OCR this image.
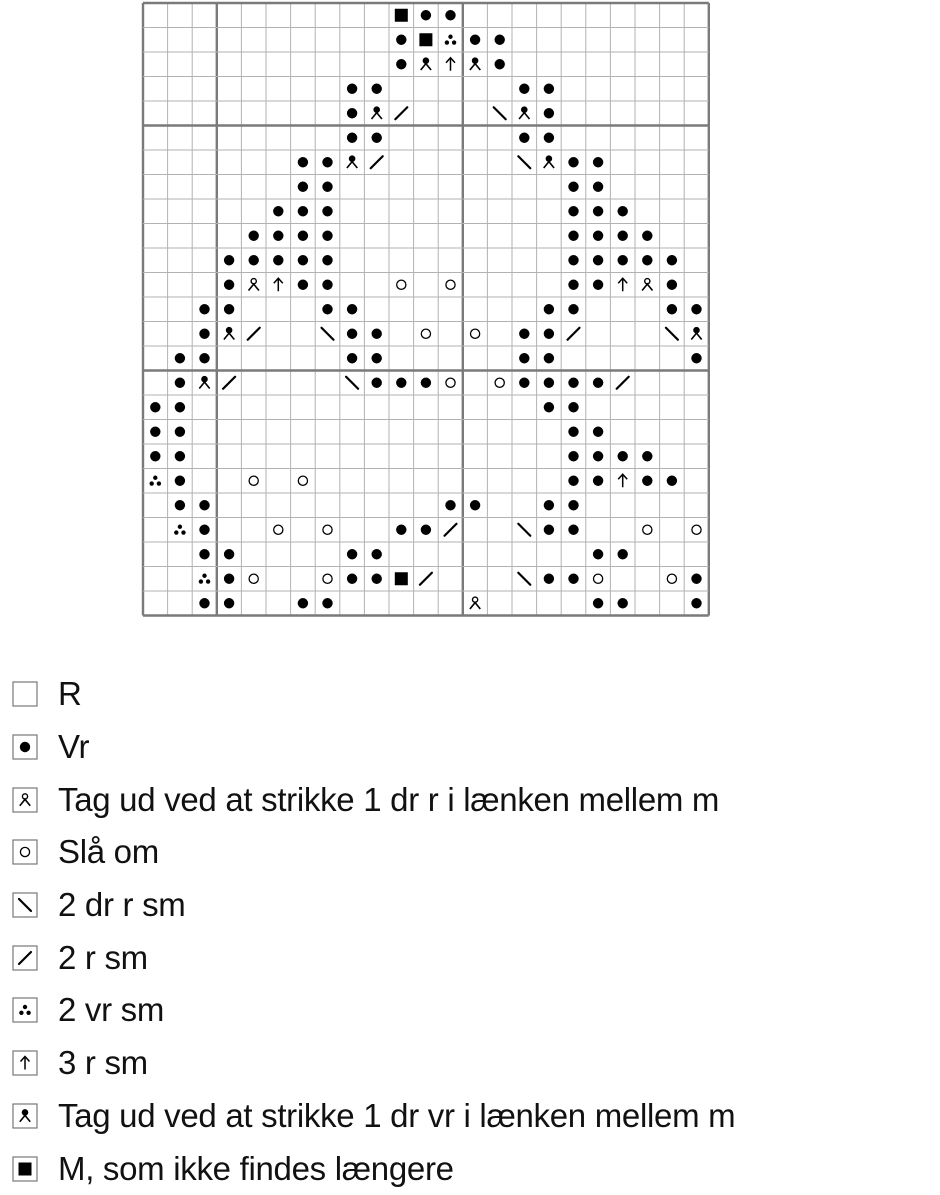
R
Vr
Tag ud ved at strikke 1 dr r i lænken mellem m
Slå om
2 dr r sm
2 r sm
2 vr sm
3 r sm
Tag ud ved at strikke 1 dr vr i lænken mellem m
M, som ikke findes længere
